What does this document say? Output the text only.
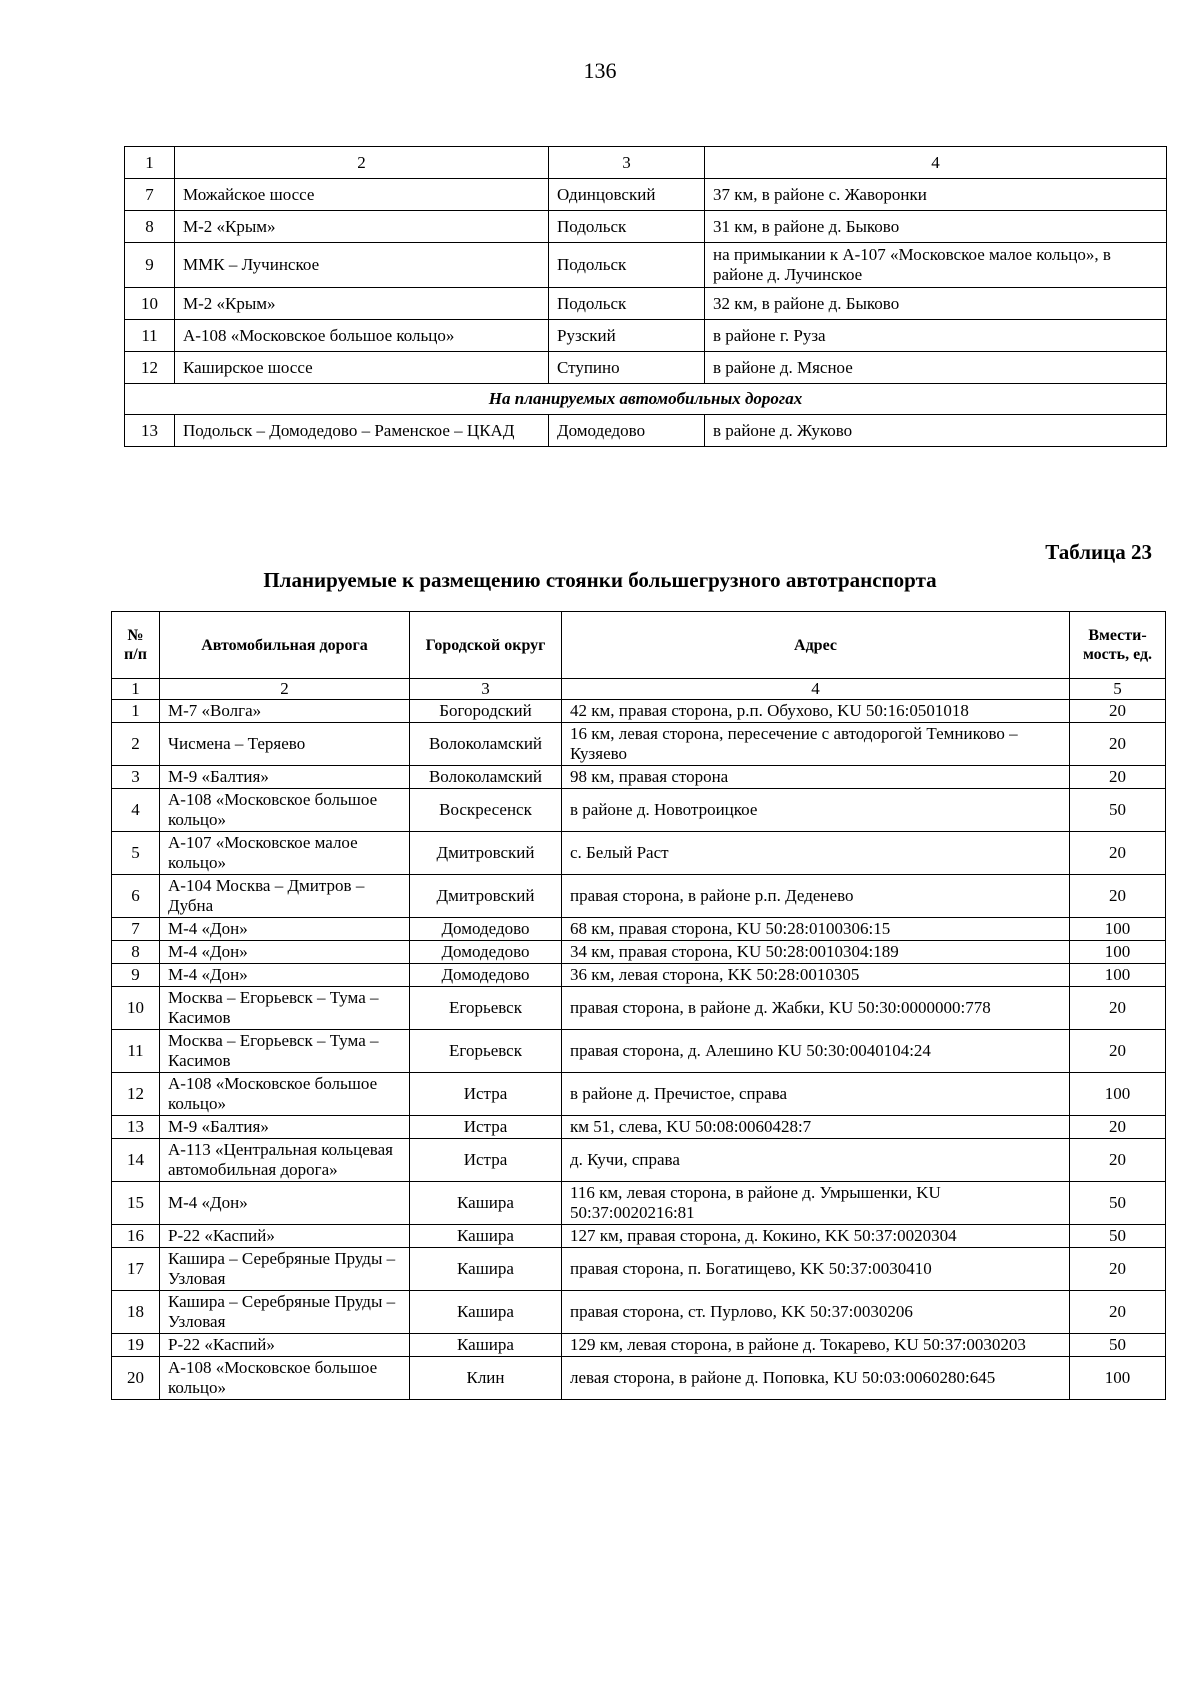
136
1	2	3	4
7	Можайское шоссе	Одинцовский	37 км, в районе с. Жаворонки
8	М-2 «Крым»	Подольск	31 км, в районе д. Быково
9	ММК – Лучинское	Подольск	на примыкании к А-107 «Московское малое кольцо», в районе д. Лучинское
10	М-2 «Крым»	Подольск	32 км, в районе д. Быково
11	А-108 «Московское большое кольцо»	Рузский	в районе г. Руза
12	Каширское шоссе	Ступино	в районе д. Мясное
На планируемых автомобильных дорогах			
13	Подольск – Домодедово – Раменское – ЦКАД	Домодедово	в районе д. Жуково
Таблица 23
Планируемые к размещению стоянки большегрузного автотранспорта
№ п/п	Автомобильная дорога	Городской округ	Адрес	Вмести-мость, ед.
1	2	3	4	5
1	М-7 «Волга»	Богородский	42 км, правая сторона, р.п. Обухово, KU 50:16:0501018	20
2	Чисмена – Теряево	Волоколамский	16 км, левая сторона, пересечение с автодорогой Темниково – Кузяево	20
3	М-9 «Балтия»	Волоколамский	98 км, правая сторона	20
4	А-108 «Московское большое кольцо»	Воскресенск	в районе д. Новотроицкое	50
5	А-107 «Московское малое кольцо»	Дмитровский	с. Белый Раст	20
6	А-104 Москва – Дмитров – Дубна	Дмитровский	правая сторона, в районе р.п. Деденево	20
7	М-4 «Дон»	Домодедово	68 км, правая сторона, KU 50:28:0100306:15	100
8	М-4 «Дон»	Домодедово	34 км, правая сторона, KU 50:28:0010304:189	100
9	М-4 «Дон»	Домодедово	36 км, левая сторона, KK 50:28:0010305	100
10	Москва – Егорьевск – Тума – Касимов	Егорьевск	правая сторона, в районе д. Жабки, KU 50:30:0000000:778	20
11	Москва – Егорьевск – Тума – Касимов	Егорьевск	правая сторона, д. Алешино KU 50:30:0040104:24	20
12	А-108 «Московское большое кольцо»	Истра	в районе д. Пречистое, справа	100
13	М-9 «Балтия»	Истра	км 51, слева, KU 50:08:0060428:7	20
14	А-113 «Центральная кольцевая автомобильная дорога»	Истра	д. Кучи, справа	20
15	М-4 «Дон»	Кашира	116 км, левая сторона, в районе д. Умрышенки, KU 50:37:0020216:81	50
16	Р-22 «Каспий»	Кашира	127 км, правая сторона, д. Кокино, KK 50:37:0020304	50
17	Кашира – Серебряные Пруды – Узловая	Кашира	правая сторона, п. Богатищево, KK 50:37:0030410	20
18	Кашира – Серебряные Пруды – Узловая	Кашира	правая сторона, ст. Пурлово, KK 50:37:0030206	20
19	Р-22 «Каспий»	Кашира	129 км, левая сторона, в районе д. Токарево, KU 50:37:0030203	50
20	А-108 «Московское большое кольцо»	Клин	левая сторона, в районе д. Поповка, KU 50:03:0060280:645	100
